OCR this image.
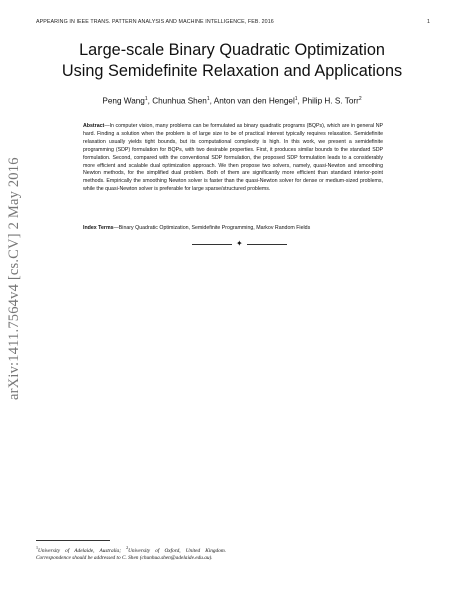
APPEARING IN IEEE TRANS. PATTERN ANALYSIS AND MACHINE INTELLIGENCE, FEB. 2016	1
arXiv:1411.7564v4 [cs.CV] 2 May 2016
Large-scale Binary Quadratic Optimization
Using Semidefinite Relaxation and Applications
Peng Wang$^1$, Chunhua Shen$^1$, Anton van den Hengel$^1$, Philip H. S. Torr$^2$
Abstract—In computer vision, many problems can be formulated as binary quadratic programs (BQPs), which are in general NP hard. Finding a solution when the problem is of large size to be of practical interest typically requires relaxation. Semidefinite relaxation usually yields tight bounds, but its computational complexity is high. In this work, we present a semidefinite programming (SDP) formulation for BQPs, with two desirable properties. First, it produces similar bounds to the standard SDP formulation. Second, compared with the conventional SDP formulation, the proposed SDP formulation leads to a considerably more efficient and scalable dual optimization approach. We then propose two solvers, namely, quasi-Newton and smoothing Newton methods, for the simplified dual problem. Both of them are significantly more efficient than standard interior-point methods. Empirically the smoothing Newton solver is faster than the quasi-Newton solver for dense or medium-sized problems, while the quasi-Newton solver is preferable for large sparse/structured problems.
Index Terms—Binary Quadratic Optimization, Semidefinite Programming, Markov Random Fields
✦
$^1$University of Adelaide, Australia; $^2$University of Oxford, United Kingdom. Correspondence should be addressed to C. Shen (chunhua.shen@adelaide.edu.au).
